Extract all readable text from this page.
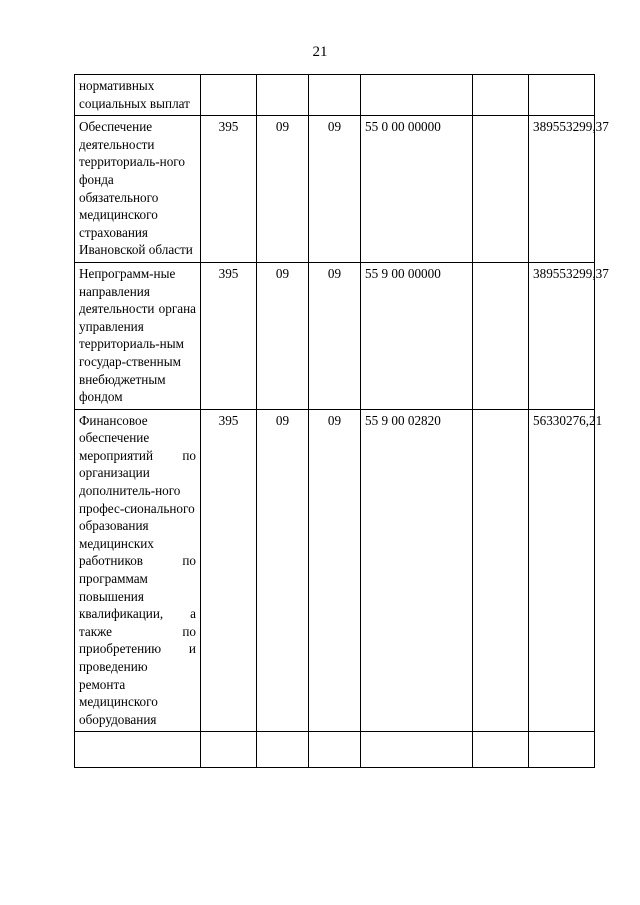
21
нормативных социальных выплат						
Обеспечение деятельности территориаль-ного фонда обязательного медицинского страхования Ивановской области	395	09	09	55 0 00 00000		389553299,37
Непрограмм-ные направления деятельности органа управления территориаль-ным государ-ственным внебюджетным фондом	395	09	09	55 9 00 00000		389553299,37
Финансовое обеспечение мероприятий по организации дополнитель-ного профес-сионального образования медицинских работников по программам повышения квалификации, а также по приобретению и проведению ремонта медицинского оборудования	395	09	09	55 9 00 02820		56330276,21
